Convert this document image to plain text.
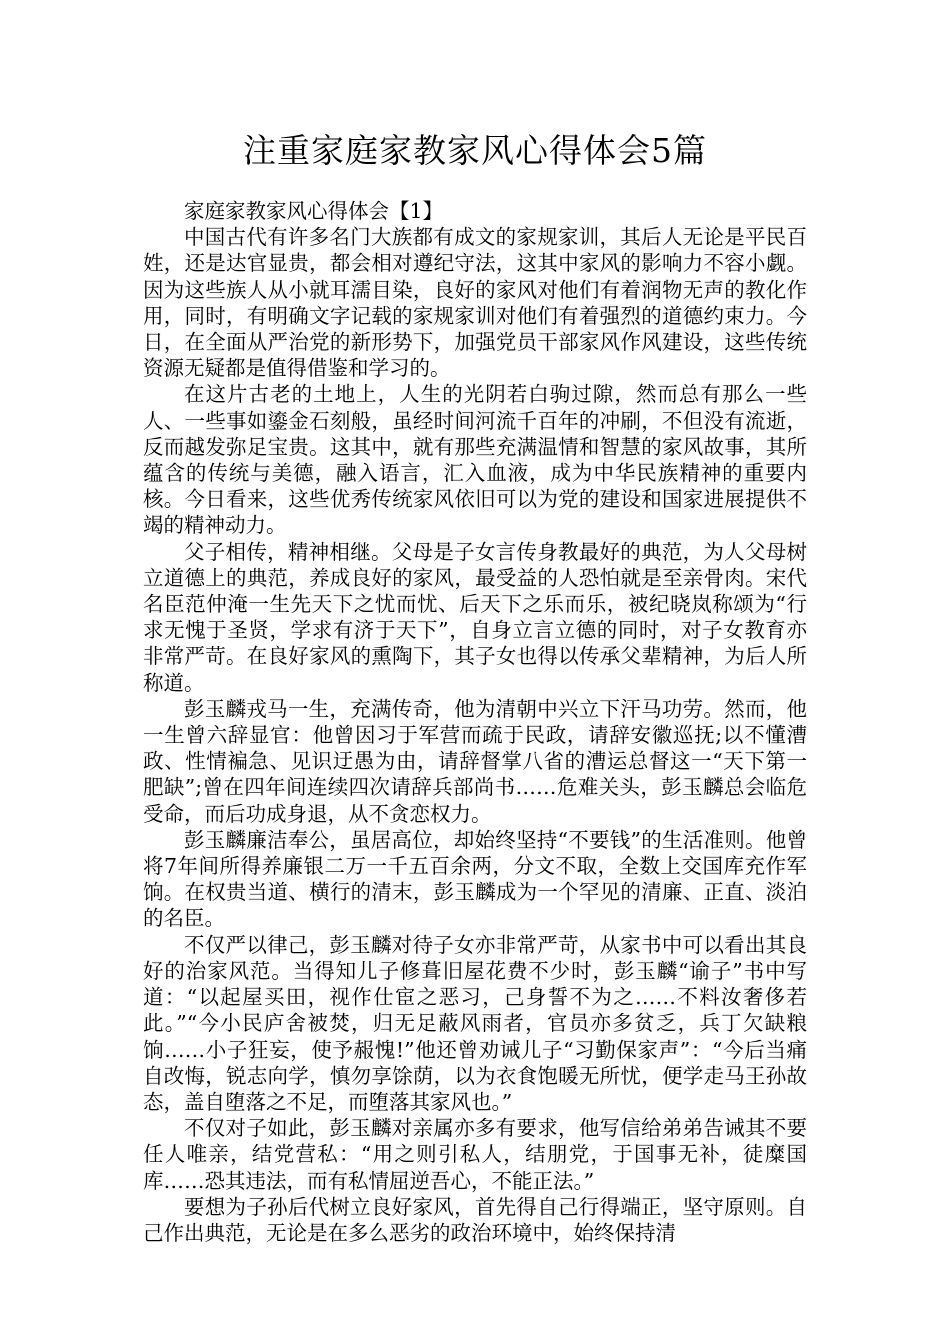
注重家庭家教家风心得体会5篇

家庭家教家风心得体会【1】

中国古代有许多名门大族都有成文的家规家训，其后人无论是平民百姓，还是达官显贵，都会相对遵纪守法，这其中家风的影响力不容小觑。因为这些族人从小就耳濡目染，良好的家风对他们有着润物无声的教化作用，同时，有明确文字记载的家规家训对他们有着强烈的道德约束力。今日，在全面从严治党的新形势下，加强党员干部家风作风建设，这些传统资源无疑都是值得借鉴和学习的。

在这片古老的土地上，人生的光阴若白驹过隙，然而总有那么一些人、一些事如鎏金石刻般，虽经时间河流千百年的冲刷，不但没有流逝，反而越发弥足宝贵。这其中，就有那些充满温情和智慧的家风故事，其所蕴含的传统与美德，融入语言，汇入血液，成为中华民族精神的重要内核。今日看来，这些优秀传统家风依旧可以为党的建设和国家进展提供不竭的精神动力。

父子相传，精神相继。父母是子女言传身教最好的典范，为人父母树立道德上的典范，养成良好的家风，最受益的人恐怕就是至亲骨肉。宋代名臣范仲淹一生先天下之忧而忧、后天下之乐而乐，被纪晓岚称颂为“行求无愧于圣贤，学求有济于天下”，自身立言立德的同时，对子女教育亦非常严苛。在良好家风的熏陶下，其子女也得以传承父辈精神，为后人所称道。

彭玉麟戎马一生，充满传奇，他为清朝中兴立下汗马功劳。然而，他一生曾六辞显官：他曾因习于军营而疏于民政，请辞安徽巡抚;以不懂漕政、性情褊急、见识迂愚为由，请辞督掌八省的漕运总督这一“天下第一肥缺”;曾在四年间连续四次请辞兵部尚书……危难关头，彭玉麟总会临危受命，而后功成身退，从不贪恋权力。

彭玉麟廉洁奉公，虽居高位，却始终坚持“不要钱”的生活准则。他曾将7年间所得养廉银二万一千五百余两，分文不取，全数上交国库充作军饷。在权贵当道、横行的清末，彭玉麟成为一个罕见的清廉、正直、淡泊的名臣。

不仅严以律己，彭玉麟对待子女亦非常严苛，从家书中可以看出其良好的治家风范。当得知儿子修葺旧屋花费不少时，彭玉麟“谕子”书中写道：“以起屋买田，视作仕宦之恶习，己身誓不为之……不料汝奢侈若此。”“今小民庐舍被焚，归无足蔽风雨者，官员亦多贫乏，兵丁欠缺粮饷……小子狂妄，使予赧愧!”他还曾劝诫儿子“习勤保家声”：“今后当痛自改悔，锐志向学，慎勿享馀荫，以为衣食饱暖无所忧，便学走马王孙故态，盖自堕落之不足，而堕落其家风也。”

不仅对子如此，彭玉麟对亲属亦多有要求，他写信给弟弟告诫其不要任人唯亲，结党营私：“用之则引私人，结朋党，于国事无补，徒糜国库……恐其违法，而有私情屈逆吾心，不能正法。”

要想为子孙后代树立良好家风，首先得自己行得端正，坚守原则。自己作出典范，无论是在多么恶劣的政治环境中，始终保持清
